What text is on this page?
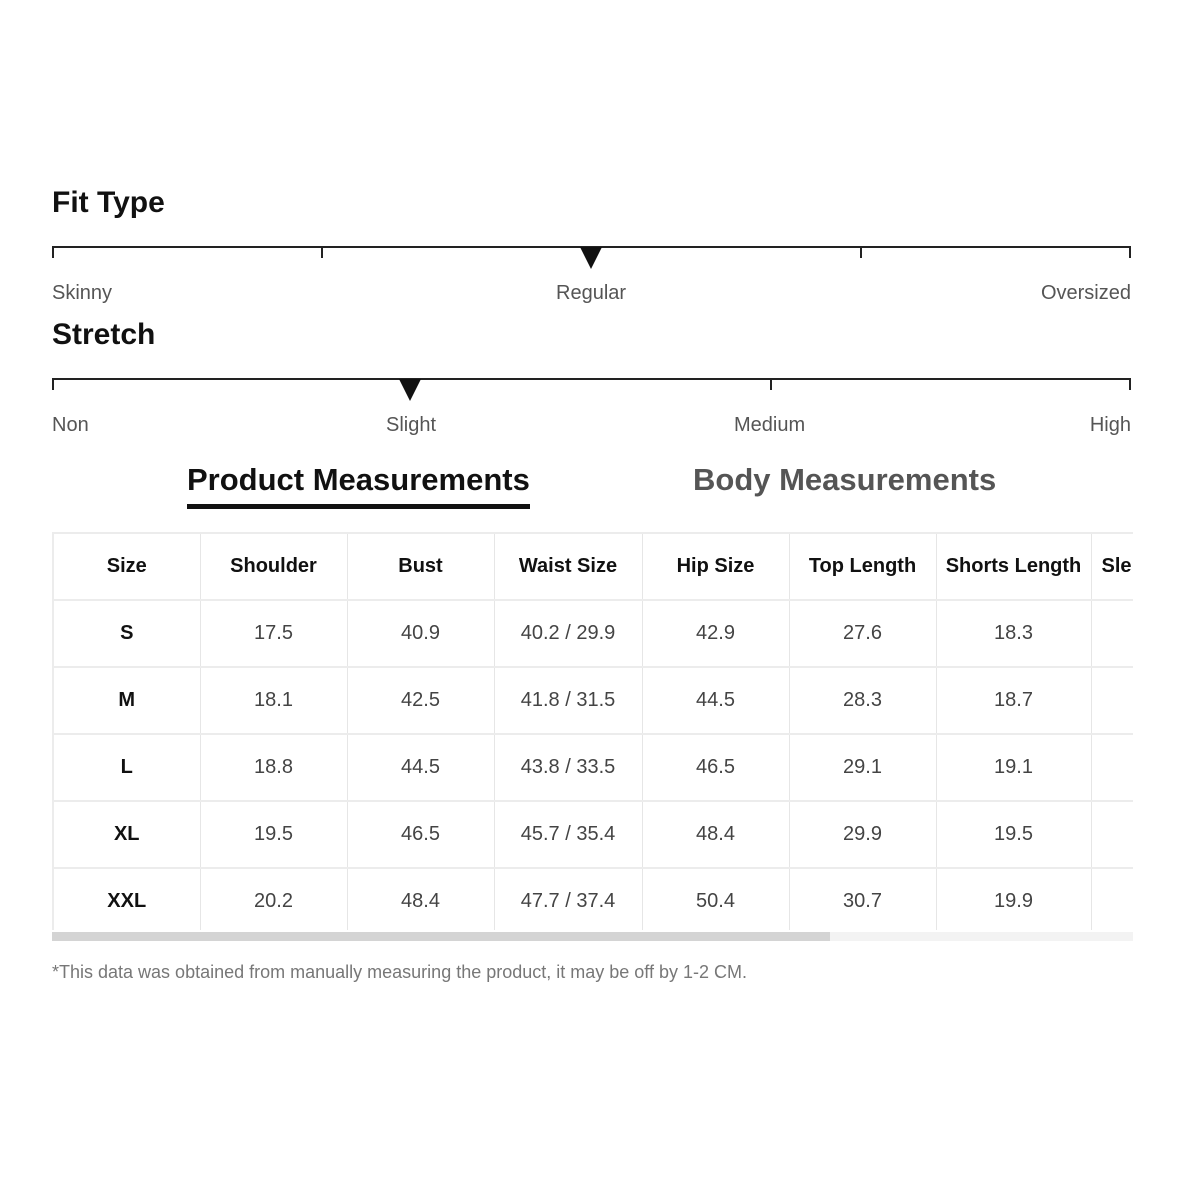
Fit Type
Skinny	Regular	Oversized
Stretch
Non	Slight	Medium	High
Product Measurements	Body Measurements
Size	Shoulder	Bust	Waist Size	Hip Size	Top Length	Shorts Length	Sle
S	17.5	40.9	40.2 / 29.9	42.9	27.6	18.3	
M	18.1	42.5	41.8 / 31.5	44.5	28.3	18.7	
L	18.8	44.5	43.8 / 33.5	46.5	29.1	19.1	
XL	19.5	46.5	45.7 / 35.4	48.4	29.9	19.5	
XXL	20.2	48.4	47.7 / 37.4	50.4	30.7	19.9	
*This data was obtained from manually measuring the product, it may be off by 1-2 CM.
